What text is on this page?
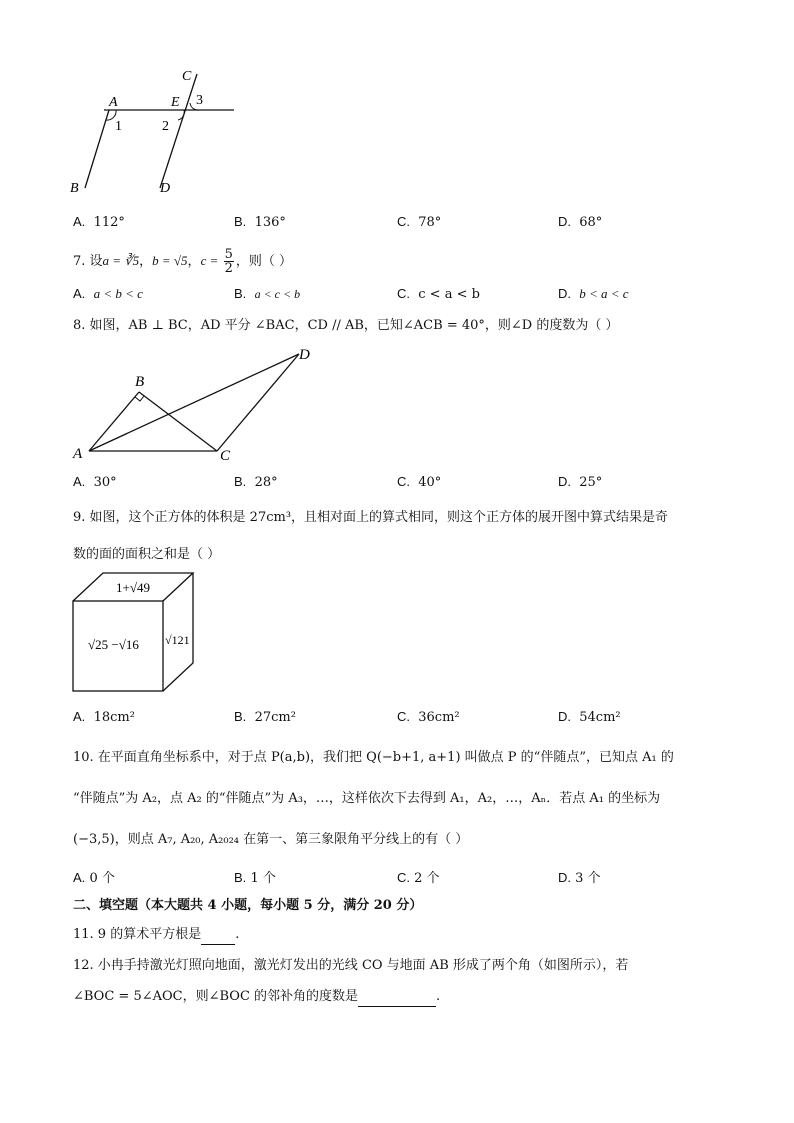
A
B
C
D
E
1	2
3
A. 112°	B. 136°	C. 78°	D. 68°
7. 设a = ∛5，b = √5，$c = \frac{5}{2}$ ，则（ ）
A. a < b < c	B. a < c < b	C. c < a < b	D. b < a < c
8. 如图，AB ⊥ BC，AD 平分 ∠BAC，CD // AB，已知∠ACB = 40°，则∠D 的度数为（ ）
A
B
C
D
A. 30°	B. 28°	C. 40°	D. 25°
9. 如图，这个正方体的体积是 27cm³，且相对面上的算式相同，则这个正方体的展开图中算式结果是奇
数的面的面积之和是（ ）
1+√49
√25 −√16 √121
A. 18cm²	B. 27cm²	C. 36cm²	D. 54cm²
10. 在平面直角坐标系中，对于点 P(a,b)，我们把 Q(−b+1, a+1) 叫做点 P 的“伴随点”，已知点 A₁ 的
“伴随点”为 A₂，点 A₂ 的“伴随点”为 A₃，…，这样依次下去得到 A₁，A₂，…，Aₙ．若点 A₁ 的坐标为
(−3,5)，则点 A₇, A₂₀, A₂₀₂₄ 在第一、第三象限角平分线上的有（ ）
A. 0 个	B. 1 个	C. 2 个	D. 3 个
二、填空题（本大题共 4 小题，每小题 5 分，满分 20 分）
11. 9 的算术平方根是	.
12. 小冉手持激光灯照向地面，激光灯发出的光线 CO 与地面 AB 形成了两个角（如图所示），若
∠BOC = 5∠AOC，则∠BOC 的邻补角的度数是	.
